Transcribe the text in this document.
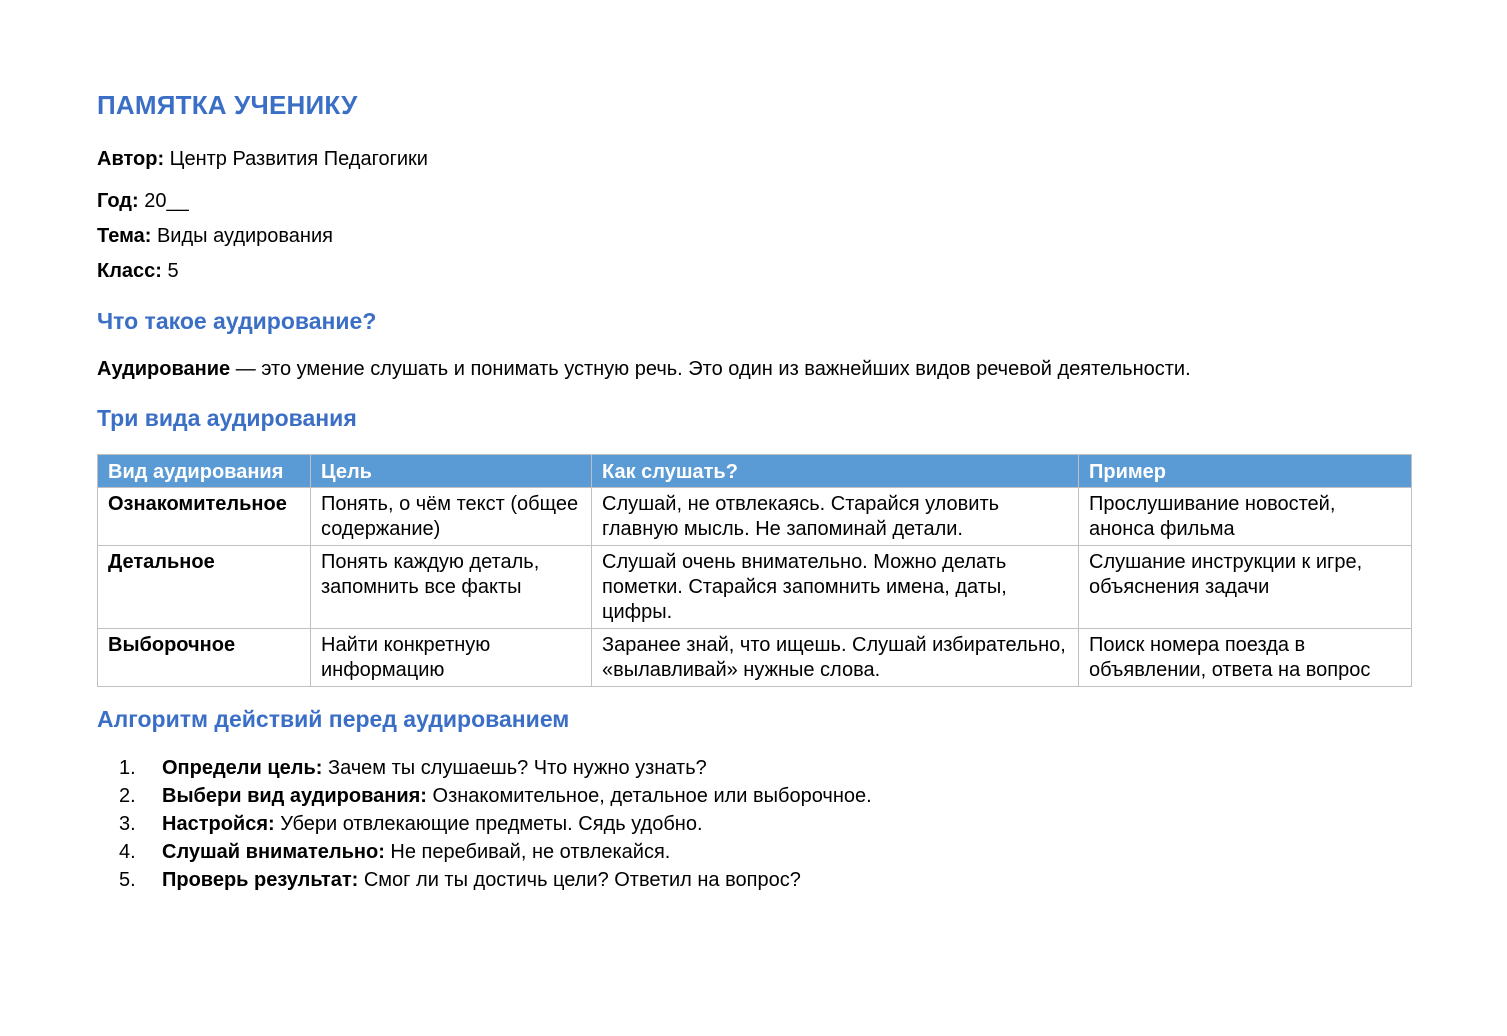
ПАМЯТКА УЧЕНИКУ

Автор: Центр Развития Педагогики

Год: 20__

Тема: Виды аудирования

Класс: 5

Что такое аудирование?

Аудирование — это умение слушать и понимать устную речь. Это один из важнейших видов речевой деятельности.

Три вида аудирования
Вид аудирования	Цель	Как слушать?	Пример
Ознакомительное	Понять, о чём текст (общее содержание)	Слушай, не отвлекаясь. Старайся уловить главную мысль. Не запоминай детали.	Прослушивание новостей, анонса фильма
Детальное	Понять каждую деталь, запомнить все факты	Слушай очень внимательно. Можно делать пометки. Старайся запомнить имена, даты, цифры.	Слушание инструкции к игре, объяснения задачи
Выборочное	Найти конкретную информацию	Заранее знай, что ищешь. Слушай избирательно, «вылавливай» нужные слова.	Поиск номера поезда в объявлении, ответа на вопрос
Алгоритм действий перед аудированием
1. Определи цель: Зачем ты слушаешь? Что нужно узнать?
2. Выбери вид аудирования: Ознакомительное, детальное или выборочное.
3. Настройся: Убери отвлекающие предметы. Сядь удобно.
4. Слушай внимательно: Не перебивай, не отвлекайся.
5. Проверь результат: Смог ли ты достичь цели? Ответил на вопрос?
